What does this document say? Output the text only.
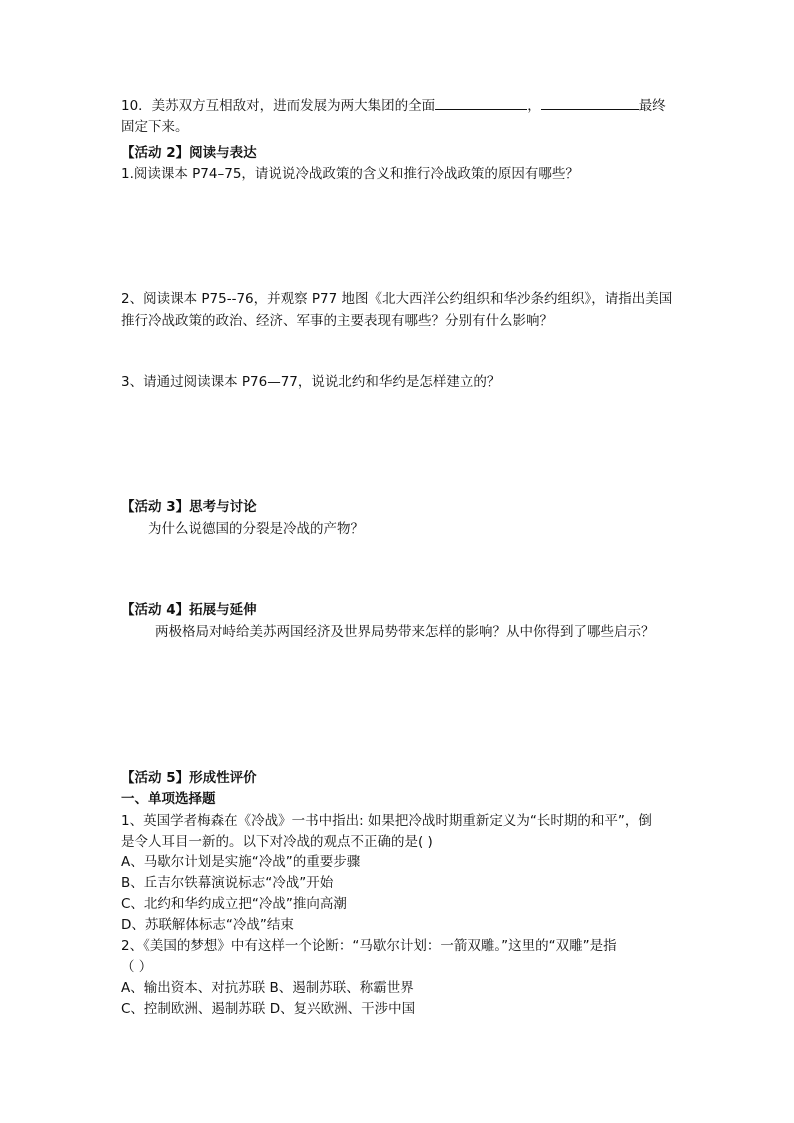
10．美苏双方互相敌对，进而发展为两大集团的全面	，	最终
固定下来。
【活动 2】阅读与表达
1.阅读课本 P74–75，请说说冷战政策的含义和推行冷战政策的原因有哪些？
2、阅读课本 P75--76，并观察 P77 地图《北大西洋公约组织和华沙条约组织》，请指出美国
推行冷战政策的政治、经济、军事的主要表现有哪些？分别有什么影响？
3、请通过阅读课本 P76—77，说说北约和华约是怎样建立的？
【活动 3】思考与讨论
为什么说德国的分裂是冷战的产物？
【活动 4】拓展与延伸
两极格局对峙给美苏两国经济及世界局势带来怎样的影响？从中你得到了哪些启示？
【活动 5】形成性评价
一、单项选择题
1、英国学者梅森在《冷战》一书中指出: 如果把冷战时期重新定义为“长时期的和平”，倒
是令人耳目一新的。以下对冷战的观点不正确的是( )
A、马歇尔计划是实施“冷战”的重要步骤
B、丘吉尔铁幕演说标志“冷战”开始
C、北约和华约成立把“冷战”推向高潮
D、苏联解体标志“冷战”结束
2、《美国的梦想》中有这样一个论断：“马歇尔计划：一箭双雕。”这里的“双雕”是指
（ ）
A、输出资本、对抗苏联 B、遏制苏联、称霸世界
C、控制欧洲、遏制苏联 D、复兴欧洲、干涉中国
